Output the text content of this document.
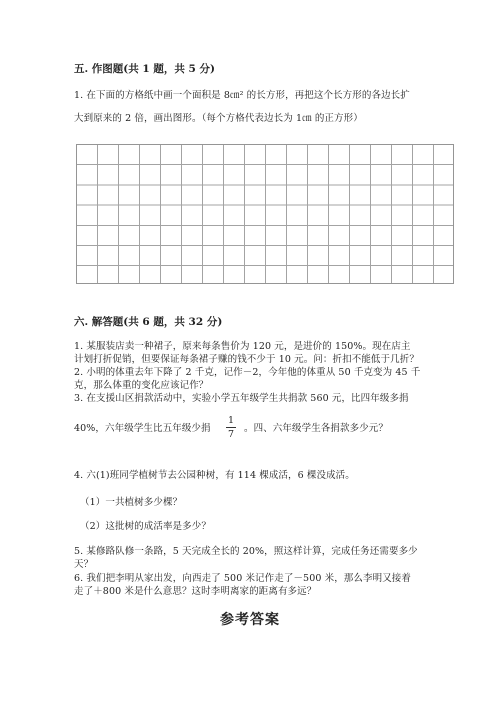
五. 作图题(共 1 题，共 5 分)
1. 在下面的方格纸中画一个面积是 8㎝² 的长方形，再把这个长方形的各边长扩
大到原来的 2 倍，画出图形。（每个方格代表边长为 1㎝ 的正方形）
六. 解答题(共 6 题，共 32 分)
1. 某服装店卖一种裙子，原来每条售价为 120 元，是进价的 150%。现在店主
计划打折促销，但要保证每条裙子赚的钱不少于 10 元。问：折扣不能低于几折？
2. 小明的体重去年下降了 2 千克，记作－2，今年他的体重从 50 千克变为 45 千
克，那么体重的变化应该记作？
3. 在支援山区捐款活动中，实验小学五年级学生共捐款 560 元，比四年级多捐
40%，六年级学生比五年级少捐
1
7
。四、六年级学生各捐款多少元？
4. 六(1)班同学植树节去公园种树，有 114 棵成活，6 棵没成活。
（1）一共植树多少棵？
（2）这批树的成活率是多少？
5. 某修路队修一条路，5 天完成全长的 20%，照这样计算，完成任务还需要多少
天？
6. 我们把李明从家出发，向西走了 500 米记作走了－500 米，那么李明又接着
走了＋800 米是什么意思？这时李明离家的距离有多远？
参考答案
